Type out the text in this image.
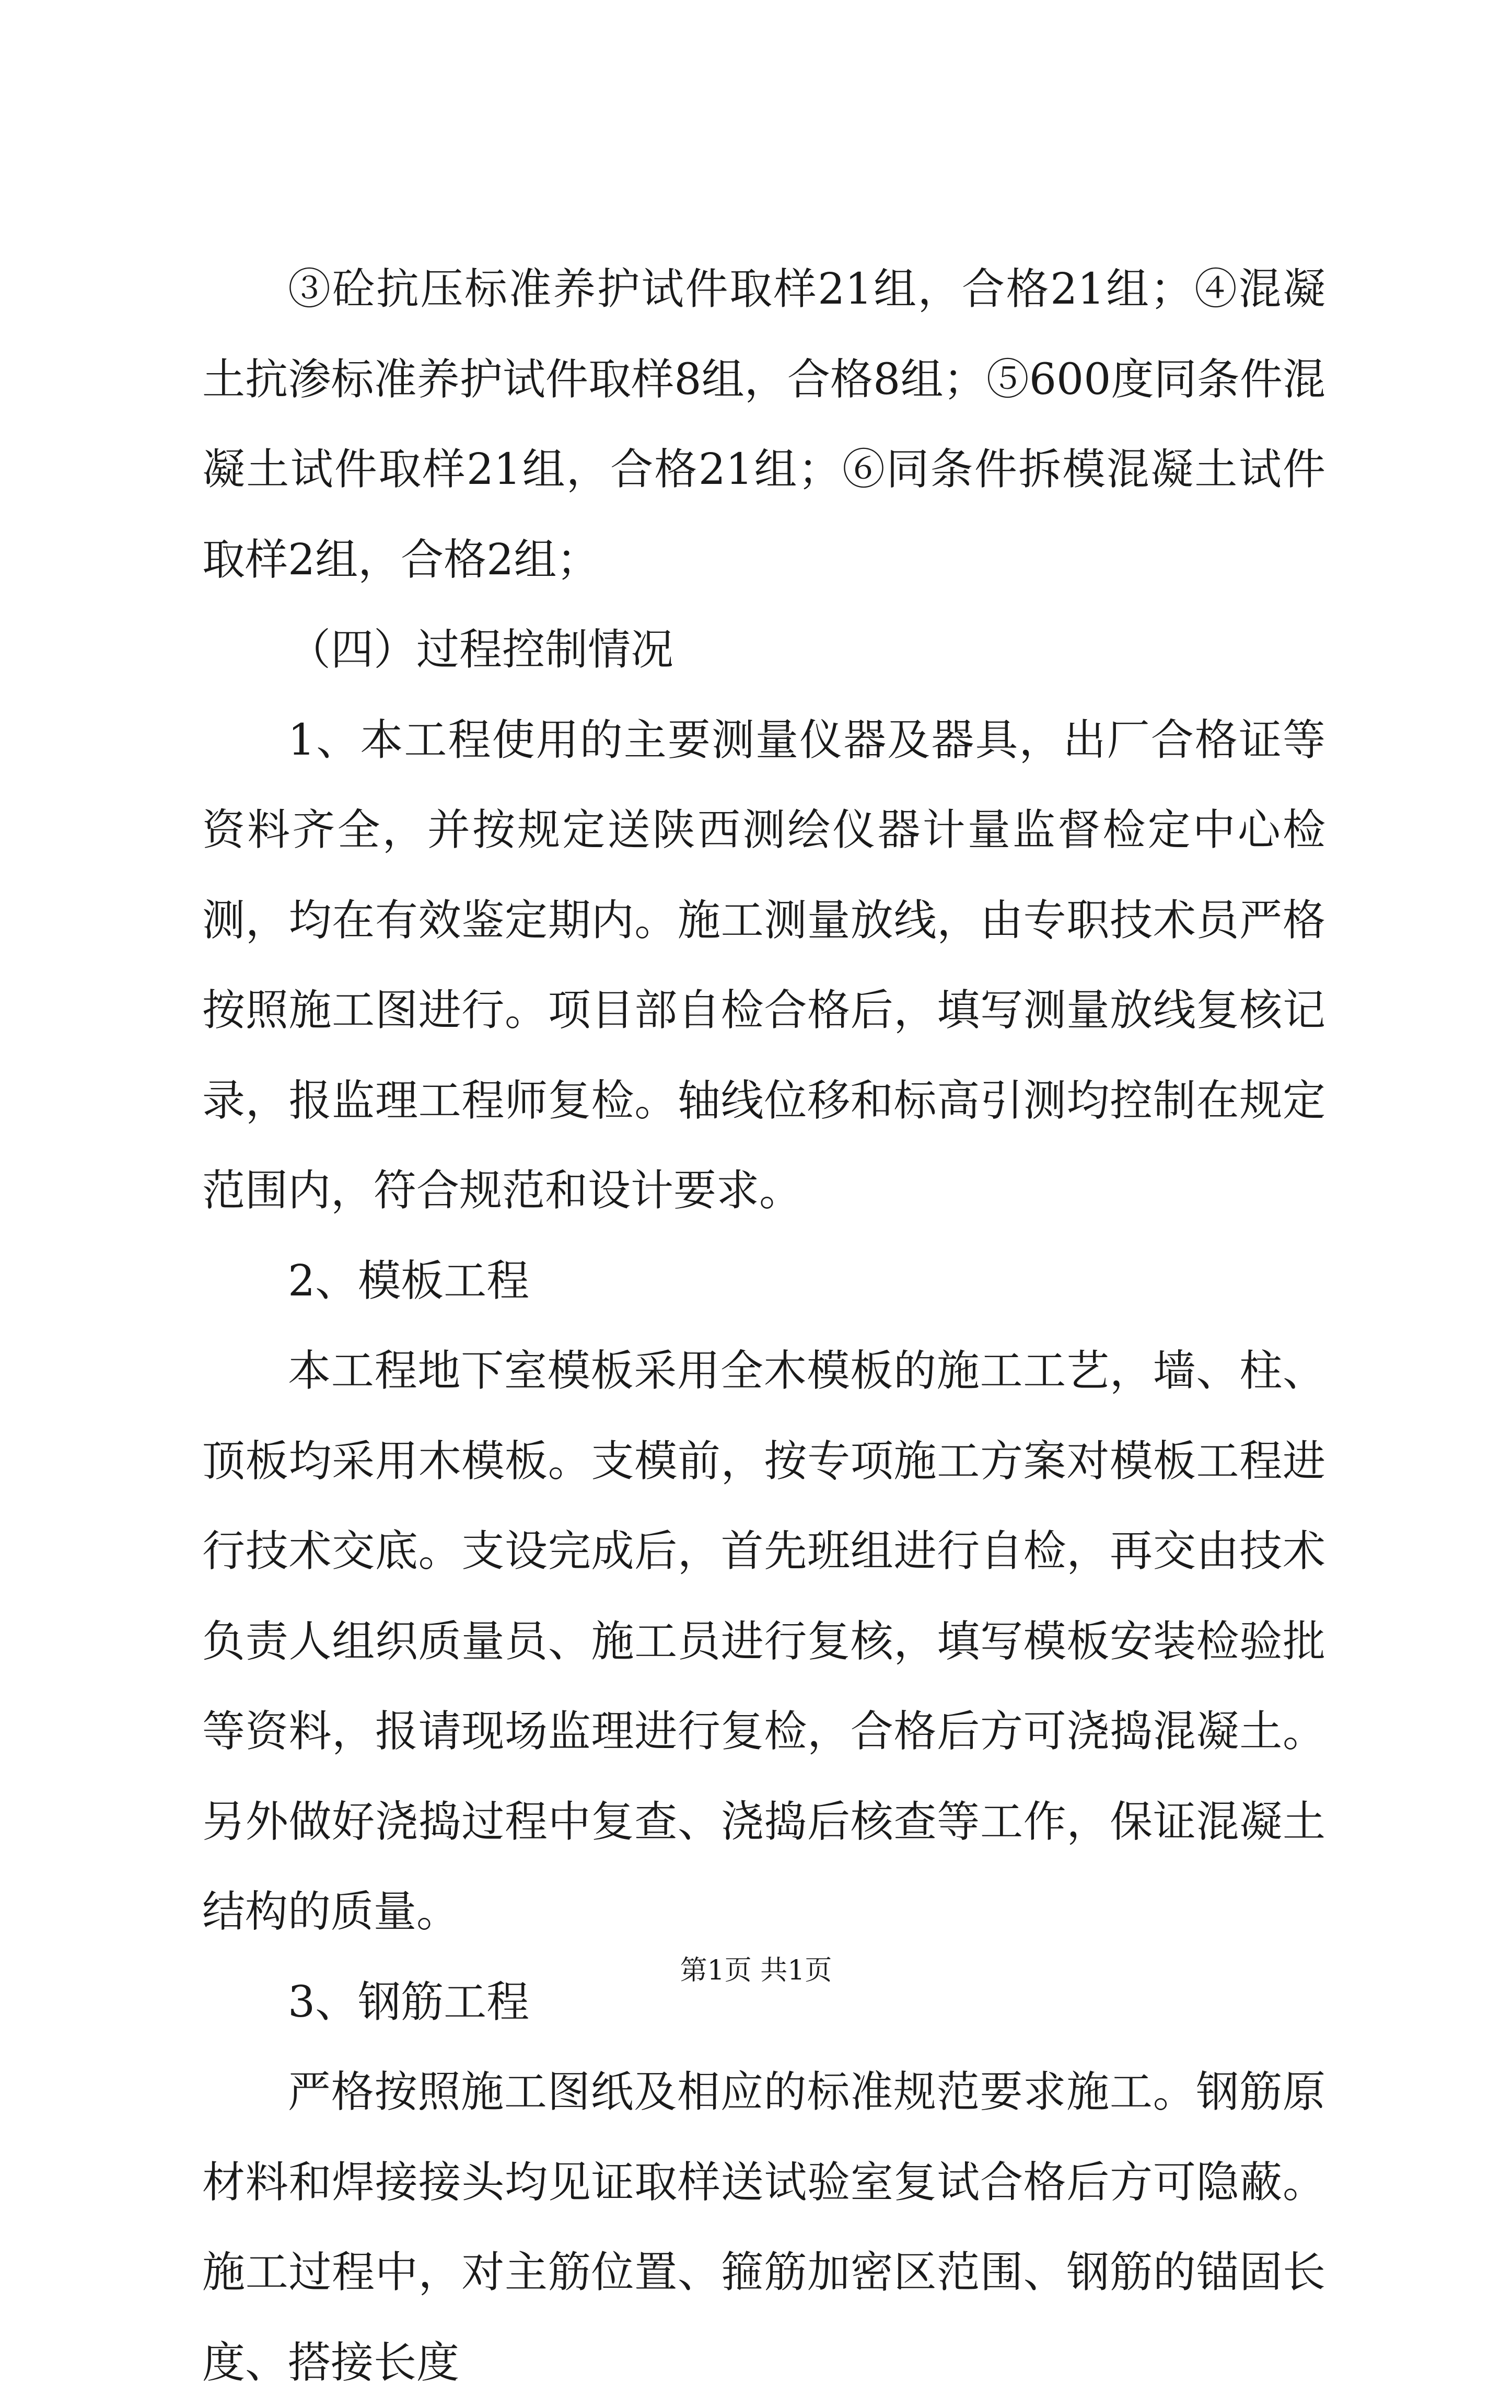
③砼抗压标准养护试件取样21组，合格21组；④混凝土抗渗标准养护试件取样8组，合格8组；⑤600度同条件混凝土试件取样21组，合格21组；⑥同条件拆模混凝土试件取样2组，合格2组；

（四）过程控制情况

1、本工程使用的主要测量仪器及器具，出厂合格证等资料齐全，并按规定送陕西测绘仪器计量监督检定中心检测，均在有效鉴定期内。施工测量放线，由专职技术员严格按照施工图进行。项目部自检合格后，填写测量放线复核记录，报监理工程师复检。轴线位移和标高引测均控制在规定范围内，符合规范和设计要求。

2、模板工程

本工程地下室模板采用全木模板的施工工艺，墙、柱、顶板均采用木模板。支模前，按专项施工方案对模板工程进行技术交底。支设完成后，首先班组进行自检，再交由技术负责人组织质量员、施工员进行复核，填写模板安装检验批等资料，报请现场监理进行复检，合格后方可浇捣混凝土。另外做好浇捣过程中复查、浇捣后核查等工作，保证混凝土结构的质量。

3、钢筋工程

严格按照施工图纸及相应的标准规范要求施工。钢筋原材料和焊接接头均见证取样送试验室复试合格后方可隐蔽。施工过程中，对主筋位置、箍筋加密区范围、钢筋的锚固长度、搭接长度

第1页 共1页
